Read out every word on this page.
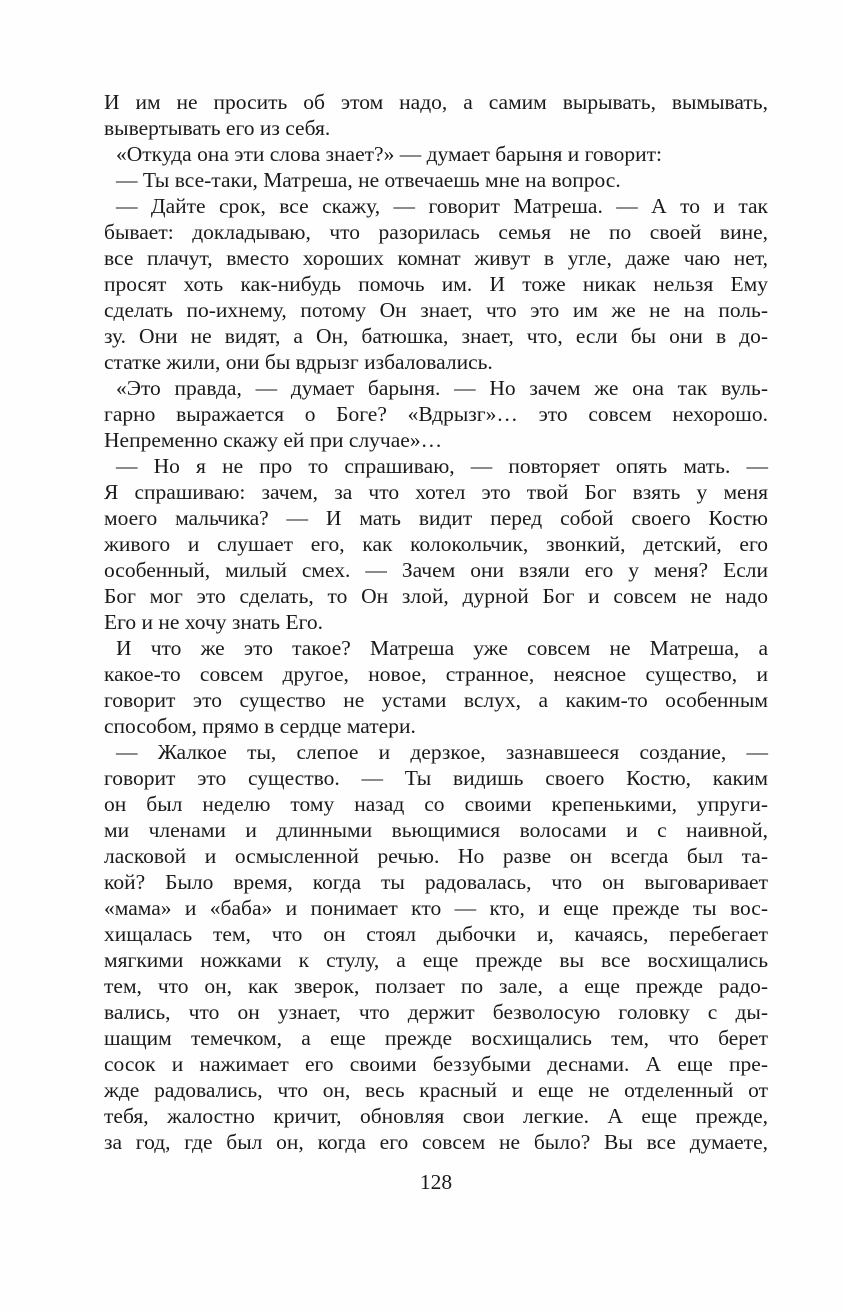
И им не просить об этом надо, а самим вырывать, вымывать,
вывертывать его из себя.
«Откуда она эти слова знает?» — думает барыня и говорит:
— Ты все-таки, Матреша, не отвечаешь мне на вопрос.
— Дайте срок, все скажу, — говорит Матреша. — А то и так
бывает: докладываю, что разорилась семья не по своей вине,
все плачут, вместо хороших комнат живут в угле, даже чаю нет,
просят хоть как-нибудь помочь им. И тоже никак нельзя Ему
сделать по-ихнему, потому Он знает, что это им же не на поль-
зу. Они не видят, а Он, батюшка, знает, что, если бы они в до-
статке жили, они бы вдрызг избаловались.
«Это правда, — думает барыня. — Но зачем же она так вуль-
гарно выражается о Боге? «Вдрызг»… это совсем нехорошо.
Непременно скажу ей при случае»…
— Но я не про то спрашиваю, — повторяет опять мать. —
Я спрашиваю: зачем, за что хотел это твой Бог взять у меня
моего мальчика? — И мать видит перед собой своего Костю
живого и слушает его, как колокольчик, звонкий, детский, его
особенный, милый смех. — Зачем они взяли его у меня? Если
Бог мог это сделать, то Он злой, дурной Бог и совсем не надо
Его и не хочу знать Его.
И что же это такое? Матреша уже совсем не Матреша, а
какое-то совсем другое, новое, странное, неясное существо, и
говорит это существо не устами вслух, а каким-то особенным
способом, прямо в сердце матери.
— Жалкое ты, слепое и дерзкое, зазнавшееся создание, —
говорит это существо. — Ты видишь своего Костю, каким
он был неделю тому назад со своими крепенькими, упруги-
ми членами и длинными вьющимися волосами и с наивной,
ласковой и осмысленной речью. Но разве он всегда был та-
кой? Было время, когда ты радовалась, что он выговаривает
«мама» и «баба» и понимает кто — кто, и еще прежде ты вос-
хищалась тем, что он стоял дыбочки и, качаясь, перебегает
мягкими ножками к стулу, а еще прежде вы все восхищались
тем, что он, как зверок, ползает по зале, а еще прежде радо-
вались, что он узнает, что держит безволосую головку с ды-
шащим темечком, а еще прежде восхищались тем, что берет
сосок и нажимает его своими беззубыми деснами. А еще пре-
жде радовались, что он, весь красный и еще не отделенный от
тебя, жалостно кричит, обновляя свои легкие. А еще прежде,
за год, где был он, когда его совсем не было? Вы все думаете,
128
